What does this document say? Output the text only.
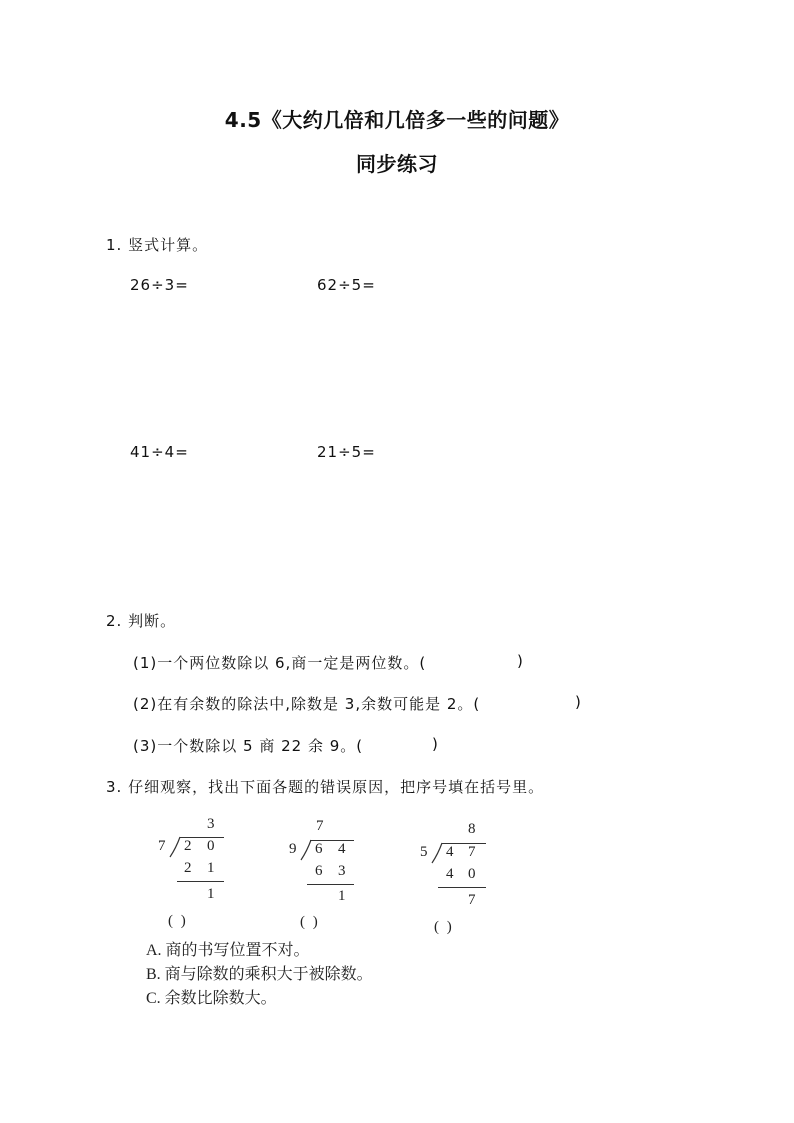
4.5《大约几倍和几倍多一些的问题》
同步练习
1. 竖式计算。
26÷3=	62÷5=
41÷4=	21÷5=
2. 判断。
(1)一个两位数除以 6,商一定是两位数。(	)
(2)在有余数的除法中,除数是 3,余数可能是 2。(	)
(3)一个数除以 5 商 22 余 9。(	)
3. 仔细观察，找出下面各题的错误原因，把序号填在括号里。
3
7 2 0
2 1
1
( )
7
9 6 4
6 3
1
( )
8
5 4 7
4 0
7
( )
A. 商的书写位置不对。
B. 商与除数的乘积大于被除数。
C. 余数比除数大。
